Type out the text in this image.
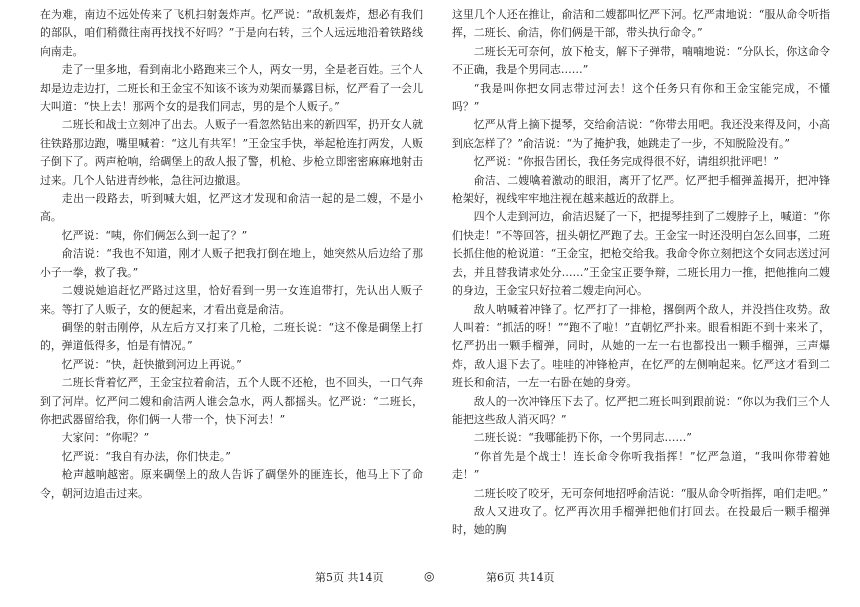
在为难，南边不远处传来了飞机扫射轰炸声。忆严说：“敌机轰炸，想必有我们的部队，咱们稍微往南再找找不好吗？”于是向右转，三个人远远地沿着铁路线向南走。

走了一里多地，看到南北小路跑来三个人，两女一男，全是老百姓。三个人却是边走边打，二班长和王金宝不知该不该为劝架而暴露目标，忆严看了一会儿大叫道：“快上去！那两个女的是我们同志，男的是个人贩子。”

二班长和战士立刻冲了出去。人贩子一看忽然钻出来的新四军，扔开女人就往铁路那边跑，嘴里喊着：“这儿有共军！”王金宝手快，举起枪连打两发，人贩子倒下了。两声枪响，给碉堡上的敌人报了警，机枪、步枪立即密密麻麻地射击过来。几个人钻进青纱帐，急往河边撤退。

走出一段路去，听到喊大姐，忆严这才发现和俞洁一起的是二嫂，不是小高。

忆严说：“咦，你们俩怎么到一起了？”

俞洁说：“我也不知道，刚才人贩子把我打倒在地上，她突然从后边给了那小子一拳，救了我。”

二嫂说她追赶忆严路过这里，恰好看到一男一女连追带打，先认出人贩子来。等打了人贩子，女的便起来，才看出竟是俞洁。

碉堡的射击刚停，从左后方又打来了几枪，二班长说：“这不像是碉堡上打的，弹道低得多，怕是有情况。”

忆严说：“快，赶快撤到河边上再说。”

二班长背着忆严，王金宝拉着俞洁，五个人既不还枪，也不回头，一口气奔到了河岸。忆严问二嫂和俞洁两人谁会急水，两人都摇头。忆严说：“二班长，你把武器留给我，你们俩一人带一个，快下河去！”

大家问：“你呢？”

忆严说：“我自有办法，你们快走。”

枪声越响越密。原来碉堡上的敌人告诉了碉堡外的匪连长，他马上下了命令，朝河边追击过来。

这里几个人还在推让，俞洁和二嫂都叫忆严下河。忆严肃地说：“服从命令听指挥，二班长、俞洁，你们俩是干部，带头执行命令。”

二班长无可奈何，放下枪支，解下子弹带，喃喃地说：“分队长，你这命令不正确，我是个男同志……”

“我是叫你把女同志带过河去！这个任务只有你和王金宝能完成，不懂吗？”

忆严从背上摘下提琴，交给俞洁说：“你带去用吧。我还没来得及问，小高到底怎样了？”俞洁说：“为了掩护我，她跳走了一步，不知脱险没有。”

忆严说：“你报告团长，我任务完成得很不好，请组织批评吧！”

俞洁、二嫂噙着激动的眼泪，离开了忆严。忆严把手榴弹盖揭开，把冲锋枪架好，视线牢牢地注视在越来越近的敌群上。

四个人走到河边，俞洁迟疑了一下，把提琴挂到了二嫂脖子上，喊道：“你们快走！”不等回答，扭头朝忆严跑了去。王金宝一时还没明白怎么回事，二班长抓住他的枪说道：“王金宝，把枪交给我。我命令你立刻把这个女同志送过河去，并且替我请求处分……”王金宝正要争辩，二班长用力一推，把他推向二嫂的身边，王金宝只好拉着二嫂走向河心。

敌人呐喊着冲锋了。忆严打了一排枪，撂倒两个敌人，并没挡住攻势。敌人叫着：“抓活的呀！”“跑不了啦！”直朝忆严扑来。眼看相距不到十来米了，忆严扔出一颗手榴弹，同时，从她的一左一右也都投出一颗手榴弹，三声爆炸，敌人退下去了。哇哇的冲锋枪声，在忆严的左侧响起来。忆严这才看到二班长和俞洁，一左一右卧在她的身旁。

敌人的一次冲锋压下去了。忆严把二班长叫到跟前说：“你以为我们三个人能把这些敌人消灭吗？”

二班长说：“我哪能扔下你，一个男同志……”

“你首先是个战士！连长命令你听我指挥！”忆严急道，“我叫你带着她走！”

二班长咬了咬牙，无可奈何地招呼俞洁说：“服从命令听指挥，咱们走吧。”

敌人又进攻了。忆严再次用手榴弹把他们打回去。在投最后一颗手榴弹时，她的胸

第5页 共14页	◎	第6页 共14页
